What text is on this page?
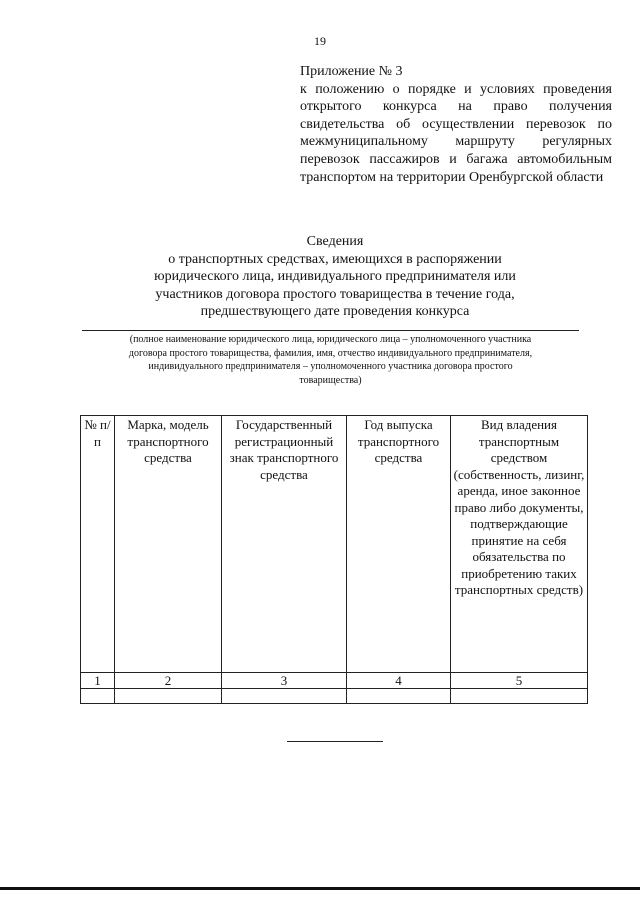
19
Приложение № 3
к положению о порядке и условиях проведения открытого конкурса на право получения свидетельства об осуществлении перевозок по межмуниципальному маршруту регулярных перевозок пассажиров и багажа автомобильным транспортом на территории Оренбургской области
Сведения
о транспортных средствах, имеющихся в распоряжении
юридического лица, индивидуального предпринимателя или
участников договора простого товарищества в течение года,
предшествующего дате проведения конкурса
(полное наименование юридического лица, юридического лица – уполномоченного участника
договора простого товарищества, фамилия, имя, отчество индивидуального предпринимателя,
индивидуального предпринимателя – уполномоченного участника договора простого
товарищества)
№ п/п	Марка, модель транспортного средства	Государственный регистрационный знак транспортного средства	Год выпуска транспортного средства	Вид владения транспортным средством (собственность, лизинг, аренда, иное законное право либо документы, подтверждающие принятие на себя обязательства по приобретению таких транспортных средств)
1	2	3	4	5
